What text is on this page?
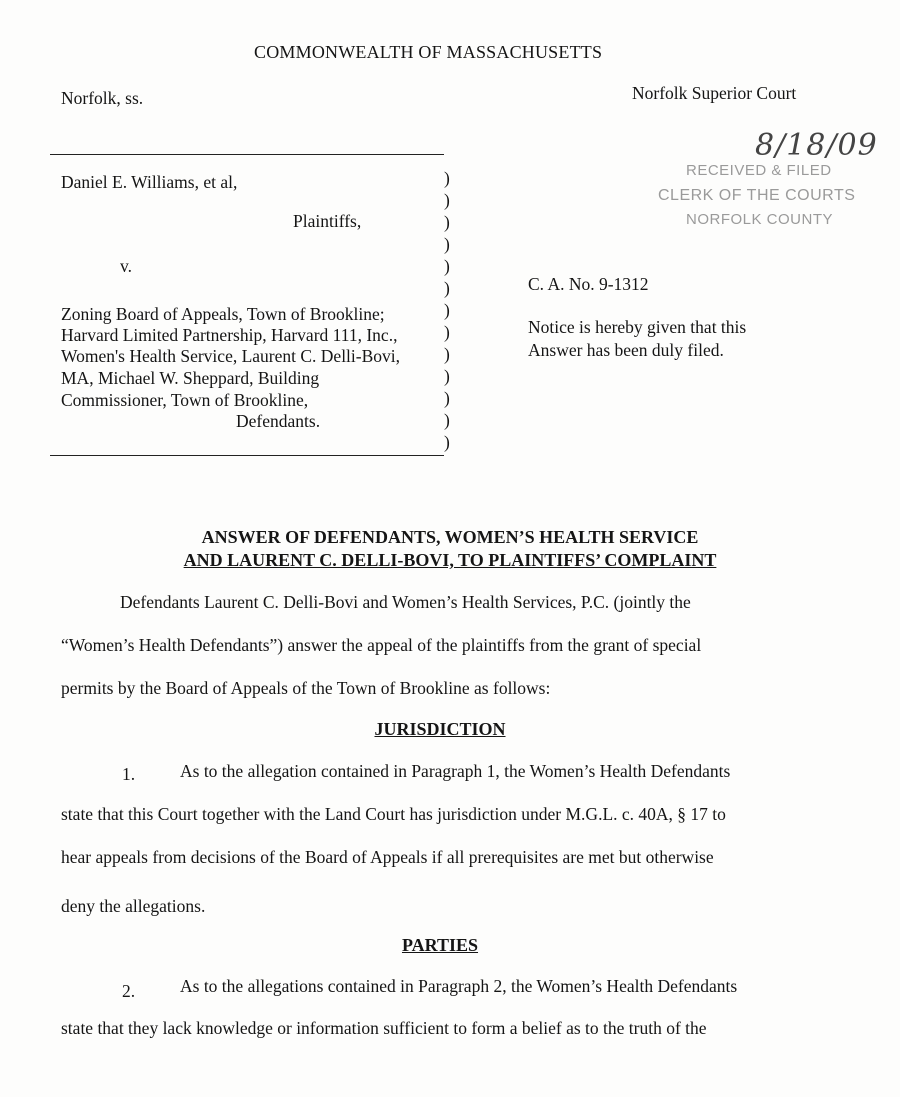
COMMONWEALTH OF MASSACHUSETTS

Norfolk, ss.	Norfolk Superior Court

8/18/09
RECEIVED & FILED
CLERK OF THE COURTS
NORFOLK COUNTY

Daniel E. Williams, et al,

Plaintiffs,

v.

Zoning Board of Appeals, Town of Brookline;

Harvard Limited Partnership, Harvard 111, Inc.,

Women's Health Service, Laurent C. Delli-Bovi,

MA, Michael W. Sheppard, Building

Commissioner, Town of Brookline,

Defendants.

)
)
)
)
)
)
)
)
)
)
)
)
)

C. A. No. 9-1312

Notice is hereby given that this

Answer has been duly filed.

ANSWER OF DEFENDANTS, WOMEN’S HEALTH SERVICE
AND LAURENT C. DELLI-BOVI, TO PLAINTIFFS’ COMPLAINT

Defendants Laurent C. Delli-Bovi and Women’s Health Services, P.C. (jointly the

“Women’s Health Defendants”) answer the appeal of the plaintiffs from the grant of special

permits by the Board of Appeals of the Town of Brookline as follows:

JURISDICTION

1.	As to the allegation contained in Paragraph 1, the Women’s Health Defendants

state that this Court together with the Land Court has jurisdiction under M.G.L. c. 40A, § 17 to

hear appeals from decisions of the Board of Appeals if all prerequisites are met but otherwise

deny the allegations.

PARTIES

2.	As to the allegations contained in Paragraph 2, the Women’s Health Defendants

state that they lack knowledge or information sufficient to form a belief as to the truth of the
